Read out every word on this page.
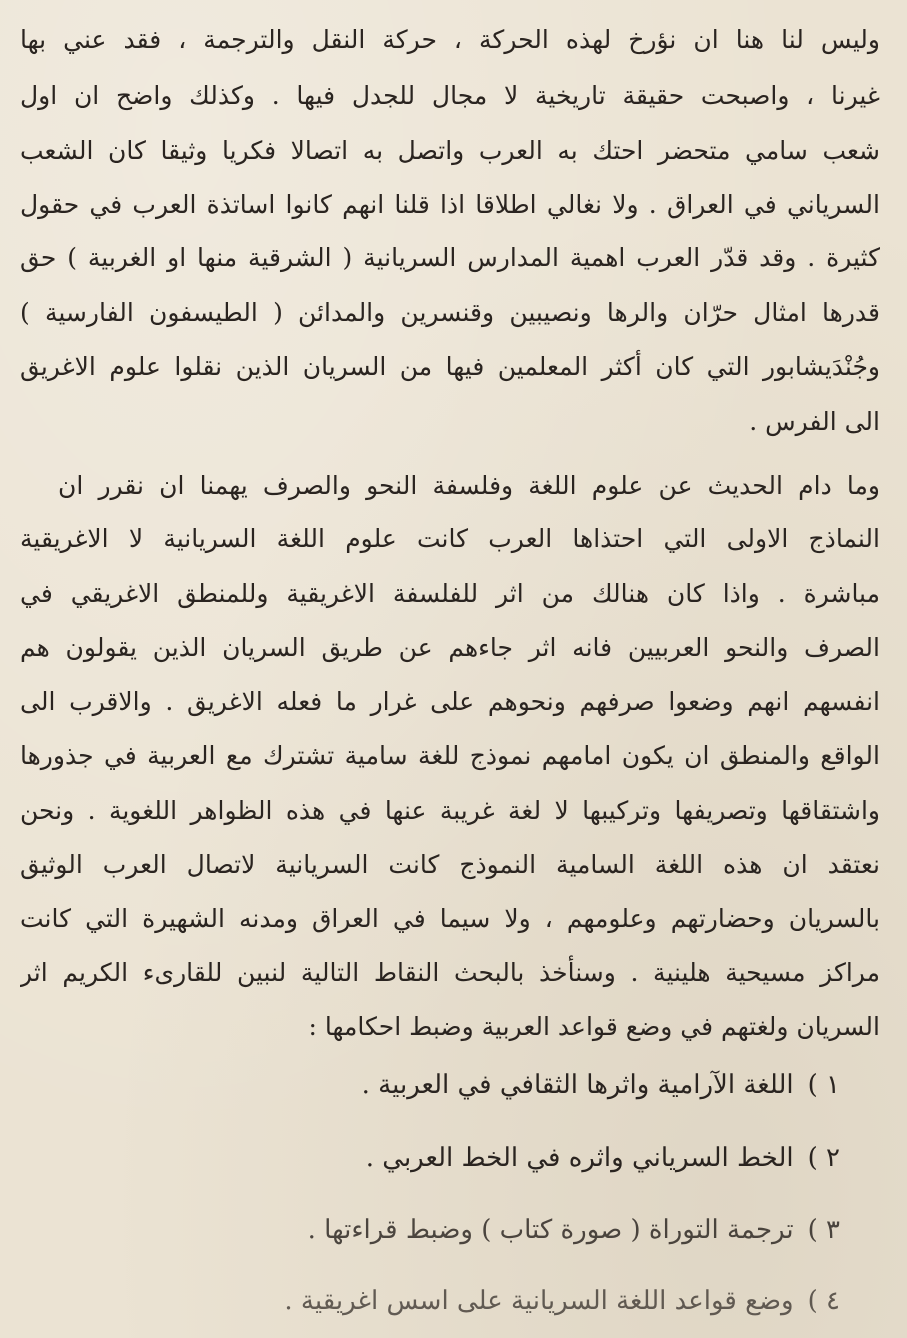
وليس لنا هنا ان نؤرخ لهذه الحركة ، حركة النقل والترجمة ، فقد عني بها
غيرنا ، واصبحت حقيقة تاريخية لا مجال للجدل فيها . وكذلك واضح ان اول
شعب سامي متحضر احتك به العرب واتصل به اتصالا فكريا وثيقا كان الشعب
السرياني في العراق . ولا نغالي اطلاقا اذا قلنا انهم كانوا اساتذة العرب في حقول
كثيرة . وقد قدّر العرب اهمية المدارس السريانية ( الشرقية منها او الغربية ) حق
قدرها امثال حرّان والرها ونصيبين وقنسرين والمدائن ( الطيسفون الفارسية )
وجُنْدَيشابور التي كان أكثر المعلمين فيها من السريان الذين نقلوا علوم الاغريق
الى الفرس .
وما دام الحديث عن علوم اللغة وفلسفة النحو والصرف يهمنا ان نقرر ان
النماذج الاولى التي احتذاها العرب كانت علوم اللغة السريانية لا الاغريقية
مباشرة . واذا كان هنالك من اثر للفلسفة الاغريقية وللمنطق الاغريقي في
الصرف والنحو العربيين فانه اثر جاءهم عن طريق السريان الذين يقولون هم
انفسهم انهم وضعوا صرفهم ونحوهم على غرار ما فعله الاغريق . والاقرب الى
الواقع والمنطق ان يكون امامهم نموذج للغة سامية تشترك مع العربية في جذورها
واشتقاقها وتصريفها وتركيبها لا لغة غريبة عنها في هذه الظواهر اللغوية . ونحن
نعتقد ان هذه اللغة السامية النموذج كانت السريانية لاتصال العرب الوثيق
بالسريان وحضارتهم وعلومهم ، ولا سيما في العراق ومدنه الشهيرة التي كانت
مراكز مسيحية هلينية . وسنأخذ بالبحث النقاط التالية لنبين للقارىء الكريم اثر
السريان ولغتهم في وضع قواعد العربية وضبط احكامها :
١ )اللغة الآرامية واثرها الثقافي في العربية .
٢ )الخط السرياني واثره في الخط العربي .
٣ )ترجمة التوراة ( صورة كتاب ) وضبط قراءتها .
٤ )وضع قواعد اللغة السريانية على اسس اغريقية .
